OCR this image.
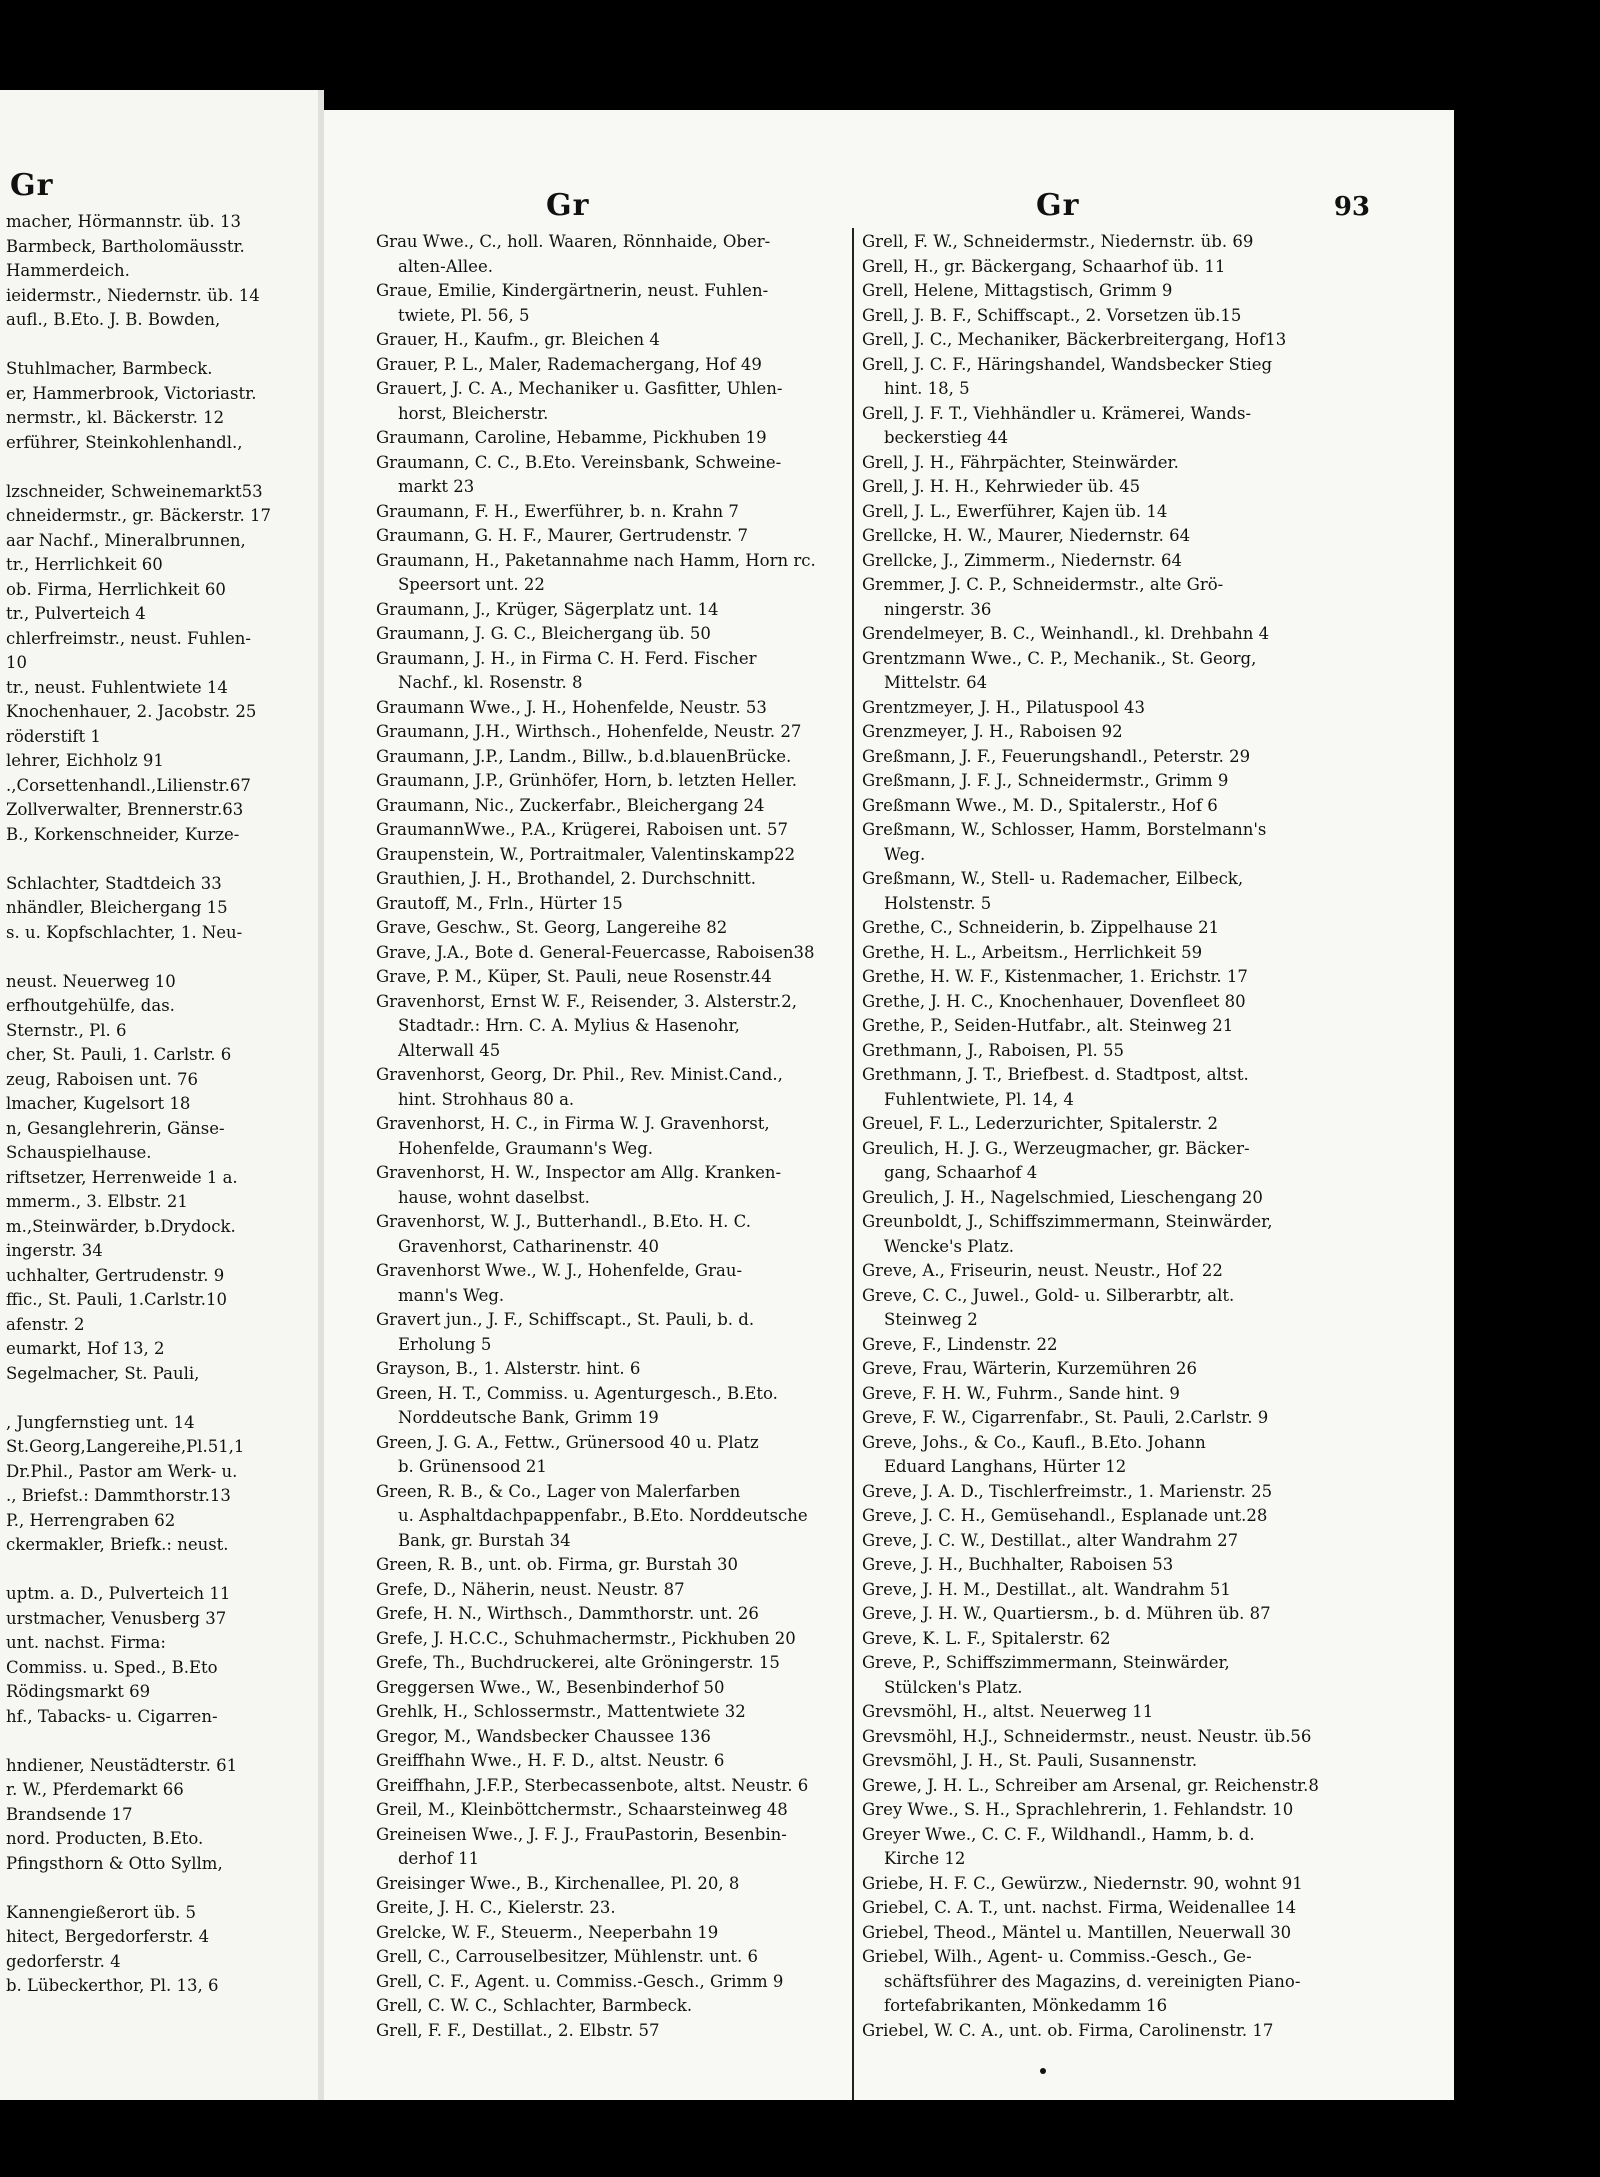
Gr
macher, Hörmannstr. üb. 13
Barmbeck, Bartholomäusstr.
Hammerdeich.
ieidermstr., Niedernstr. üb. 14
aufl., B.Eto. J. B. Bowden,

Stuhlmacher, Barmbeck.
er, Hammerbrook, Victoriastr.
nermstr., kl. Bäckerstr. 12
erführer, Steinkohlenhandl.,

lzschneider, Schweinemarkt53
chneidermstr., gr. Bäckerstr. 17
aar Nachf., Mineralbrunnen,
tr., Herrlichkeit 60
ob. Firma, Herrlichkeit 60
tr., Pulverteich 4
chlerfreimstr., neust. Fuhlen-
10
tr., neust. Fuhlentwiete 14
Knochenhauer, 2. Jacobstr. 25
röderstift 1
lehrer, Eichholz 91
.,Corsettenhandl.,Lilienstr.67
Zollverwalter, Brennerstr.63
B., Korkenschneider, Kurze-

Schlachter, Stadtdeich 33
nhändler, Bleichergang 15
s. u. Kopfschlachter, 1. Neu-

neust. Neuerweg 10
erfhoutgehülfe, das.
Sternstr., Pl. 6
cher, St. Pauli, 1. Carlstr. 6
zeug, Raboisen unt. 76
lmacher, Kugelsort 18
n, Gesanglehrerin, Gänse-
Schauspielhause.
riftsetzer, Herrenweide 1 a.
mmerm., 3. Elbstr. 21
m.,Steinwärder, b.Drydock.
ingerstr. 34
uchhalter, Gertrudenstr. 9
ffic., St. Pauli, 1.Carlstr.10
afenstr. 2
eumarkt, Hof 13, 2
Segelmacher, St. Pauli,

, Jungfernstieg unt. 14
St.Georg,Langereihe,Pl.51,1
Dr.Phil., Pastor am Werk- u.
., Briefst.: Dammthorstr.13
P., Herrengraben 62
ckermakler, Briefk.: neust.

uptm. a. D., Pulverteich 11
urstmacher, Venusberg 37
unt. nachst. Firma:
Commiss. u. Sped., B.Eto
Rödingsmarkt 69
hf., Tabacks- u. Cigarren-

hndiener, Neustädterstr. 61
r. W., Pferdemarkt 66
Brandsende 17
nord. Producten, B.Eto.
Pfingsthorn & Otto Syllm,

Kannengießerort üb. 5
hitect, Bergedorferstr. 4
gedorferstr. 4
b. Lübeckerthor, Pl. 13, 6
Gr	Gr	93
Grau Wwe., C., holl. Waaren, Rönnhaide, Ober-
alten-Allee.
Graue, Emilie, Kindergärtnerin, neust. Fuhlen-
twiete, Pl. 56, 5
Grauer, H., Kaufm., gr. Bleichen 4
Grauer, P. L., Maler, Rademachergang, Hof 49
Grauert, J. C. A., Mechaniker u. Gasfitter, Uhlen-
horst, Bleicherstr.
Graumann, Caroline, Hebamme, Pickhuben 19
Graumann, C. C., B.Eto. Vereinsbank, Schweine-
markt 23
Graumann, F. H., Ewerführer, b. n. Krahn 7
Graumann, G. H. F., Maurer, Gertrudenstr. 7
Graumann, H., Paketannahme nach Hamm, Horn rc.
Speersort unt. 22
Graumann, J., Krüger, Sägerplatz unt. 14
Graumann, J. G. C., Bleichergang üb. 50
Graumann, J. H., in Firma C. H. Ferd. Fischer
Nachf., kl. Rosenstr. 8
Graumann Wwe., J. H., Hohenfelde, Neustr. 53
Graumann, J.H., Wirthsch., Hohenfelde, Neustr. 27
Graumann, J.P., Landm., Billw., b.d.blauenBrücke.
Graumann, J.P., Grünhöfer, Horn, b. letzten Heller.
Graumann, Nic., Zuckerfabr., Bleichergang 24
GraumannWwe., P.A., Krügerei, Raboisen unt. 57
Graupenstein, W., Portraitmaler, Valentinskamp22
Grauthien, J. H., Brothandel, 2. Durchschnitt.
Grautoff, M., Frln., Hürter 15
Grave, Geschw., St. Georg, Langereihe 82
Grave, J.A., Bote d. General-Feuercasse, Raboisen38
Grave, P. M., Küper, St. Pauli, neue Rosenstr.44
Gravenhorst, Ernst W. F., Reisender, 3. Alsterstr.2,
Stadtadr.: Hrn. C. A. Mylius & Hasenohr,
Alterwall 45
Gravenhorst, Georg, Dr. Phil., Rev. Minist.Cand.,
hint. Strohhaus 80 a.
Gravenhorst, H. C., in Firma W. J. Gravenhorst,
Hohenfelde, Graumann's Weg.
Gravenhorst, H. W., Inspector am Allg. Kranken-
hause, wohnt daselbst.
Gravenhorst, W. J., Butterhandl., B.Eto. H. C.
Gravenhorst, Catharinenstr. 40
Gravenhorst Wwe., W. J., Hohenfelde, Grau-
mann's Weg.
Gravert jun., J. F., Schiffscapt., St. Pauli, b. d.
Erholung 5
Grayson, B., 1. Alsterstr. hint. 6
Green, H. T., Commiss. u. Agenturgesch., B.Eto.
Norddeutsche Bank, Grimm 19
Green, J. G. A., Fettw., Grünersood 40 u. Platz
b. Grünensood 21
Green, R. B., & Co., Lager von Malerfarben
u. Asphaltdachpappenfabr., B.Eto. Norddeutsche
Bank, gr. Burstah 34
Green, R. B., unt. ob. Firma, gr. Burstah 30
Grefe, D., Näherin, neust. Neustr. 87
Grefe, H. N., Wirthsch., Dammthorstr. unt. 26
Grefe, J. H.C.C., Schuhmachermstr., Pickhuben 20
Grefe, Th., Buchdruckerei, alte Gröningerstr. 15
Greggersen Wwe., W., Besenbinderhof 50
Grehlk, H., Schlossermstr., Mattentwiete 32
Gregor, M., Wandsbecker Chaussee 136
Greiffhahn Wwe., H. F. D., altst. Neustr. 6
Greiffhahn, J.F.P., Sterbecassenbote, altst. Neustr. 6
Greil, M., Kleinböttchermstr., Schaarsteinweg 48
Greineisen Wwe., J. F. J., FrauPastorin, Besenbin-
derhof 11
Greisinger Wwe., B., Kirchenallee, Pl. 20, 8
Greite, J. H. C., Kielerstr. 23.
Grelcke, W. F., Steuerm., Neeperbahn 19
Grell, C., Carrouselbesitzer, Mühlenstr. unt. 6
Grell, C. F., Agent. u. Commiss.-Gesch., Grimm 9
Grell, C. W. C., Schlachter, Barmbeck.
Grell, F. F., Destillat., 2. Elbstr. 57
Grell, F. W., Schneidermstr., Niedernstr. üb. 69
Grell, H., gr. Bäckergang, Schaarhof üb. 11
Grell, Helene, Mittagstisch, Grimm 9
Grell, J. B. F., Schiffscapt., 2. Vorsetzen üb.15
Grell, J. C., Mechaniker, Bäckerbreitergang, Hof13
Grell, J. C. F., Häringshandel, Wandsbecker Stieg
hint. 18, 5
Grell, J. F. T., Viehhändler u. Krämerei, Wands-
beckerstieg 44
Grell, J. H., Fährpächter, Steinwärder.
Grell, J. H. H., Kehrwieder üb. 45
Grell, J. L., Ewerführer, Kajen üb. 14
Grellcke, H. W., Maurer, Niedernstr. 64
Grellcke, J., Zimmerm., Niedernstr. 64
Gremmer, J. C. P., Schneidermstr., alte Grö-
ningerstr. 36
Grendelmeyer, B. C., Weinhandl., kl. Drehbahn 4
Grentzmann Wwe., C. P., Mechanik., St. Georg,
Mittelstr. 64
Grentzmeyer, J. H., Pilatuspool 43
Grenzmeyer, J. H., Raboisen 92
Greßmann, J. F., Feuerungshandl., Peterstr. 29
Greßmann, J. F. J., Schneidermstr., Grimm 9
Greßmann Wwe., M. D., Spitalerstr., Hof 6
Greßmann, W., Schlosser, Hamm, Borstelmann's
Weg.
Greßmann, W., Stell- u. Rademacher, Eilbeck,
Holstenstr. 5
Grethe, C., Schneiderin, b. Zippelhause 21
Grethe, H. L., Arbeitsm., Herrlichkeit 59
Grethe, H. W. F., Kistenmacher, 1. Erichstr. 17
Grethe, J. H. C., Knochenhauer, Dovenfleet 80
Grethe, P., Seiden-Hutfabr., alt. Steinweg 21
Grethmann, J., Raboisen, Pl. 55
Grethmann, J. T., Briefbest. d. Stadtpost, altst.
Fuhlentwiete, Pl. 14, 4
Greuel, F. L., Lederzurichter, Spitalerstr. 2
Greulich, H. J. G., Werzeugmacher, gr. Bäcker-
gang, Schaarhof 4
Greulich, J. H., Nagelschmied, Lieschengang 20
Greunboldt, J., Schiffszimmermann, Steinwärder,
Wencke's Platz.
Greve, A., Friseurin, neust. Neustr., Hof 22
Greve, C. C., Juwel., Gold- u. Silberarbtr, alt.
Steinweg 2
Greve, F., Lindenstr. 22
Greve, Frau, Wärterin, Kurzemühren 26
Greve, F. H. W., Fuhrm., Sande hint. 9
Greve, F. W., Cigarrenfabr., St. Pauli, 2.Carlstr. 9
Greve, Johs., & Co., Kaufl., B.Eto. Johann
Eduard Langhans, Hürter 12
Greve, J. A. D., Tischlerfreimstr., 1. Marienstr. 25
Greve, J. C. H., Gemüsehandl., Esplanade unt.28
Greve, J. C. W., Destillat., alter Wandrahm 27
Greve, J. H., Buchhalter, Raboisen 53
Greve, J. H. M., Destillat., alt. Wandrahm 51
Greve, J. H. W., Quartiersm., b. d. Mühren üb. 87
Greve, K. L. F., Spitalerstr. 62
Greve, P., Schiffszimmermann, Steinwärder,
Stülcken's Platz.
Grevsmöhl, H., altst. Neuerweg 11
Grevsmöhl, H.J., Schneidermstr., neust. Neustr. üb.56
Grevsmöhl, J. H., St. Pauli, Susannenstr.
Grewe, J. H. L., Schreiber am Arsenal, gr. Reichenstr.8
Grey Wwe., S. H., Sprachlehrerin, 1. Fehlandstr. 10
Greyer Wwe., C. C. F., Wildhandl., Hamm, b. d.
Kirche 12
Griebe, H. F. C., Gewürzw., Niedernstr. 90, wohnt 91
Griebel, C. A. T., unt. nachst. Firma, Weidenallee 14
Griebel, Theod., Mäntel u. Mantillen, Neuerwall 30
Griebel, Wilh., Agent- u. Commiss.-Gesch., Ge-
schäftsführer des Magazins, d. vereinigten Piano-
fortefabrikanten, Mönkedamm 16
Griebel, W. C. A., unt. ob. Firma, Carolinenstr. 17
